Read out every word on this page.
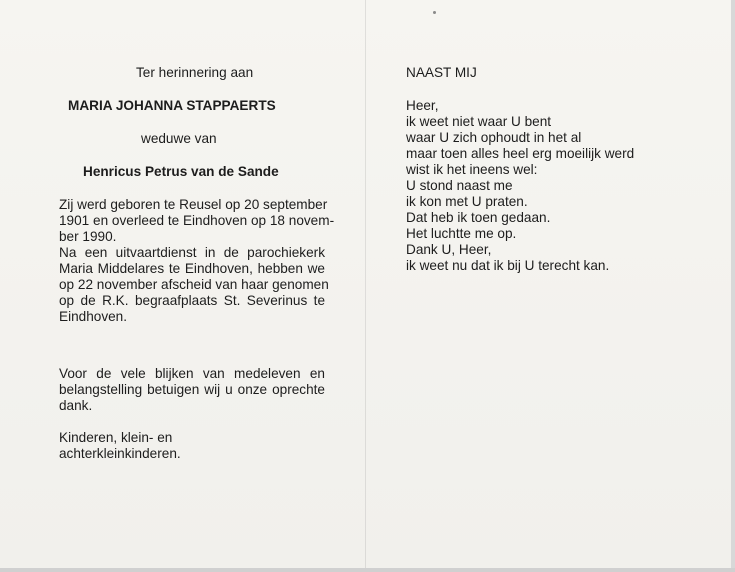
Ter herinnering aan
MARIA JOHANNA STAPPAERTS
weduwe van
Henricus Petrus van de Sande
Zij werd geboren te Reusel op 20 september
1901 en overleed te Eindhoven op 18 novem-
ber 1990.
Na een uitvaartdienst in de parochiekerk
Maria Middelares te Eindhoven, hebben we
op 22 november afscheid van haar genomen
op de R.K. begraafplaats St. Severinus te
Eindhoven.
Voor de vele blijken van medeleven en
belangstelling betuigen wij u onze oprechte
dank.
Kinderen, klein- en
achterkleinkinderen.
NAAST MIJ
Heer,
ik weet niet waar U bent
waar U zich ophoudt in het al
maar toen alles heel erg moeilijk werd
wist ik het ineens wel:
U stond naast me
ik kon met U praten.
Dat heb ik toen gedaan.
Het luchtte me op.
Dank U, Heer,
ik weet nu dat ik bij U terecht kan.
